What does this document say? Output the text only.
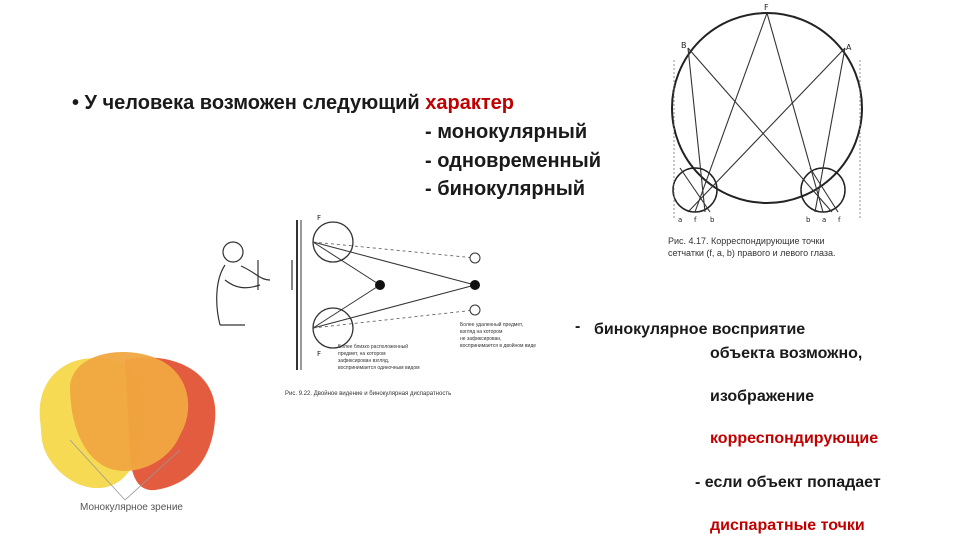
• У человека возможен следующий характер
- монокулярный
- одновременный
- бинокулярный
F
B	A
a f b	b a f
Рис. 4.17. Корреспондирующие точки
сетчатки (f, a, b) правого и левого глаза.
Монокулярное зрение
F
F
Более удаленный предмет,
взгляд на котором
не зафиксирован,
воспринимается в двойном виде
Более близко расположенный
предмет, на котором
зафиксирован взгляд,
воспринимается одиночным видом
Рис. 9.22. Двойное видение и бинокулярная диспаратность
- бинокулярное восприятие
объекта возможно,
изображение
корреспондирующие
- если объект попадает
диспаратные точки
